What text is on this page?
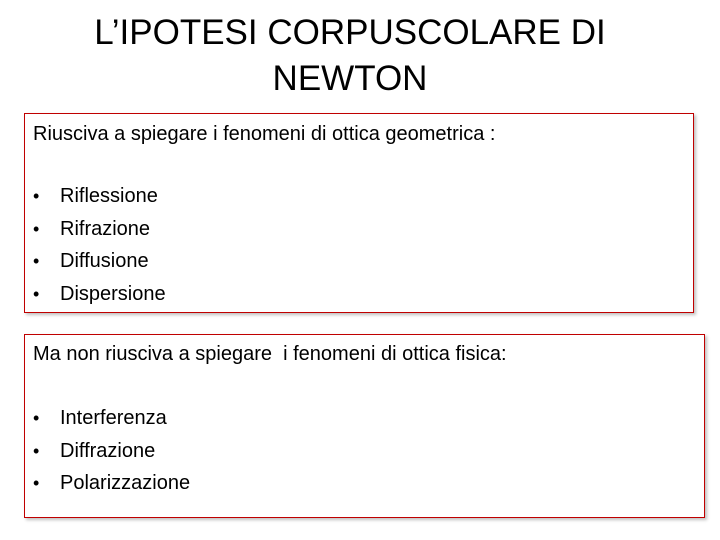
L’IPOTESI CORPUSCOLARE DI
NEWTON

Riusciva a spiegare i fenomeni di ottica geometrica :

• Riflessione
• Rifrazione
• Diffusione
• Dispersione

Ma non riusciva a spiegare  i fenomeni di ottica fisica:

• Interferenza
• Diffrazione
• Polarizzazione
